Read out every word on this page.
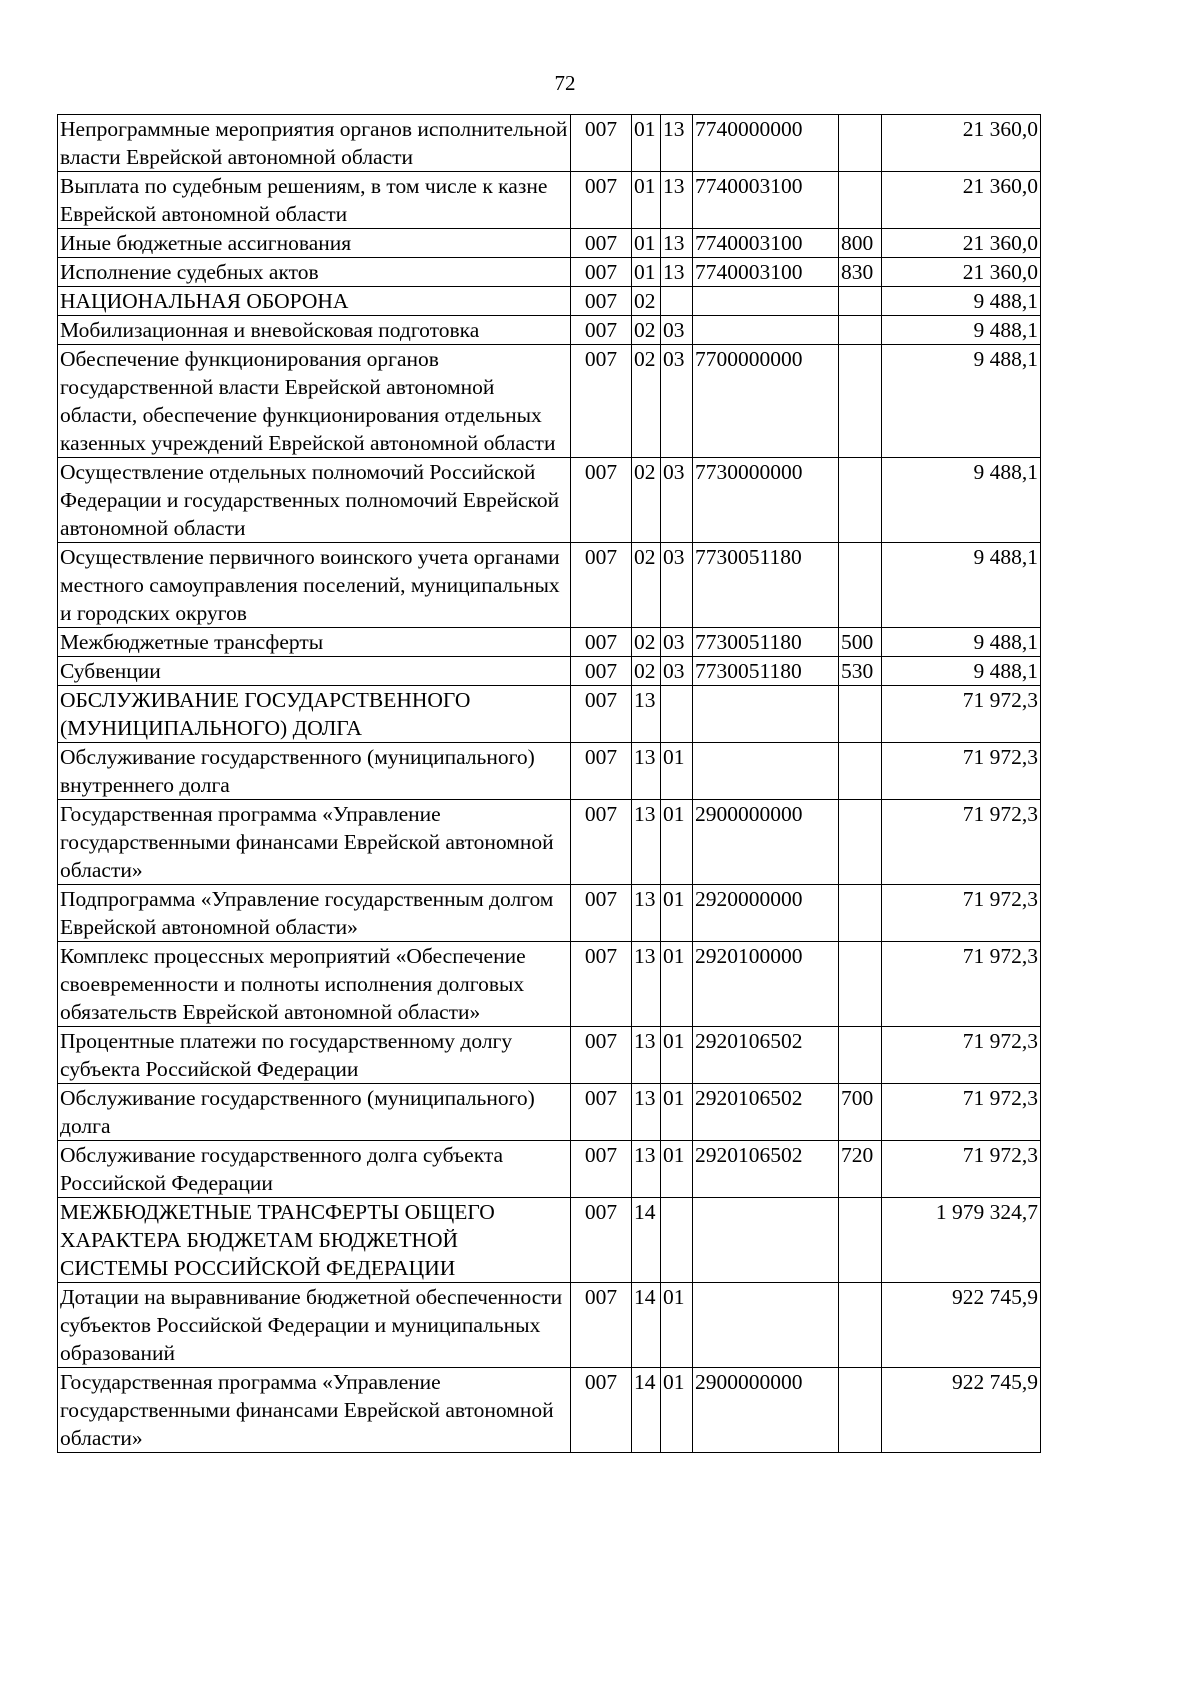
72
Непрограммные мероприятия органов исполнительной власти Еврейской автономной области	007	01	13	7740000000		21 360,0
Выплата по судебным решениям, в том числе к казне Еврейской автономной области	007	01	13	7740003100		21 360,0
Иные бюджетные ассигнования	007	01	13	7740003100	800	21 360,0
Исполнение судебных актов	007	01	13	7740003100	830	21 360,0
НАЦИОНАЛЬНАЯ ОБОРОНА	007	02				9 488,1
Мобилизационная и вневойсковая подготовка	007	02	03			9 488,1
Обеспечение функционирования органов государственной власти Еврейской автономной области, обеспечение функционирования отдельных казенных учреждений Еврейской автономной области	007	02	03	7700000000		9 488,1
Осуществление отдельных полномочий Российской Федерации и государственных полномочий Еврейской автономной области	007	02	03	7730000000		9 488,1
Осуществление первичного воинского учета органами местного самоуправления поселений, муниципальных и городских округов	007	02	03	7730051180		9 488,1
Межбюджетные трансферты	007	02	03	7730051180	500	9 488,1
Субвенции	007	02	03	7730051180	530	9 488,1
ОБСЛУЖИВАНИЕ ГОСУДАРСТВЕННОГО (МУНИЦИПАЛЬНОГО) ДОЛГА	007	13				71 972,3
Обслуживание государственного (муниципального) внутреннего долга	007	13	01			71 972,3
Государственная программа «Управление государственными финансами Еврейской автономной области»	007	13	01	2900000000		71 972,3
Подпрограмма «Управление государственным долгом Еврейской автономной области»	007	13	01	2920000000		71 972,3
Комплекс процессных мероприятий «Обеспечение своевременности и полноты исполнения долговых обязательств Еврейской автономной области»	007	13	01	2920100000		71 972,3
Процентные платежи по государственному долгу субъекта Российской Федерации	007	13	01	2920106502		71 972,3
Обслуживание государственного (муниципального) долга	007	13	01	2920106502	700	71 972,3
Обслуживание государственного долга субъекта Российской Федерации	007	13	01	2920106502	720	71 972,3
МЕЖБЮДЖЕТНЫЕ ТРАНСФЕРТЫ ОБЩЕГО ХАРАКТЕРА БЮДЖЕТАМ БЮДЖЕТНОЙ СИСТЕМЫ РОССИЙСКОЙ ФЕДЕРАЦИИ	007	14				1 979 324,7
Дотации на выравнивание бюджетной обеспеченности субъектов Российской Федерации и муниципальных образований	007	14	01			922 745,9
Государственная программа «Управление государственными финансами Еврейской автономной области»	007	14	01	2900000000		922 745,9
